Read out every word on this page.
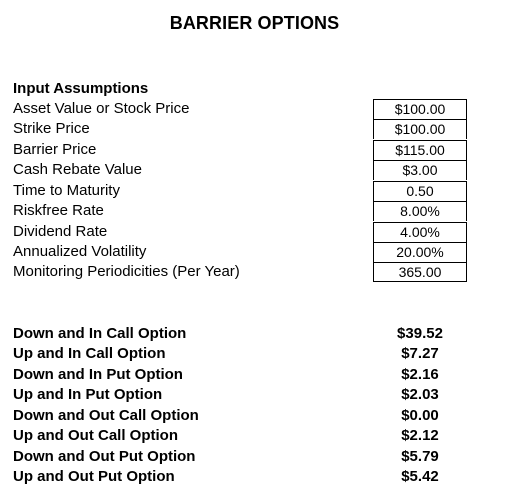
BARRIER OPTIONS
Input Assumptions
Asset Value or Stock Price	$100.00
Strike Price	$100.00
Barrier Price	$115.00
Cash Rebate Value	$3.00
Time to Maturity	0.50
Riskfree Rate	8.00%
Dividend Rate	4.00%
Annualized Volatility	20.00%
Monitoring Periodicities (Per Year)	365.00
Down and In Call Option	$39.52
Up and In Call Option	$7.27
Down and In Put Option	$2.16
Up and In Put Option	$2.03
Down and Out Call Option	$0.00
Up and Out Call Option	$2.12
Down and Out Put Option	$5.79
Up and Out Put Option	$5.42
